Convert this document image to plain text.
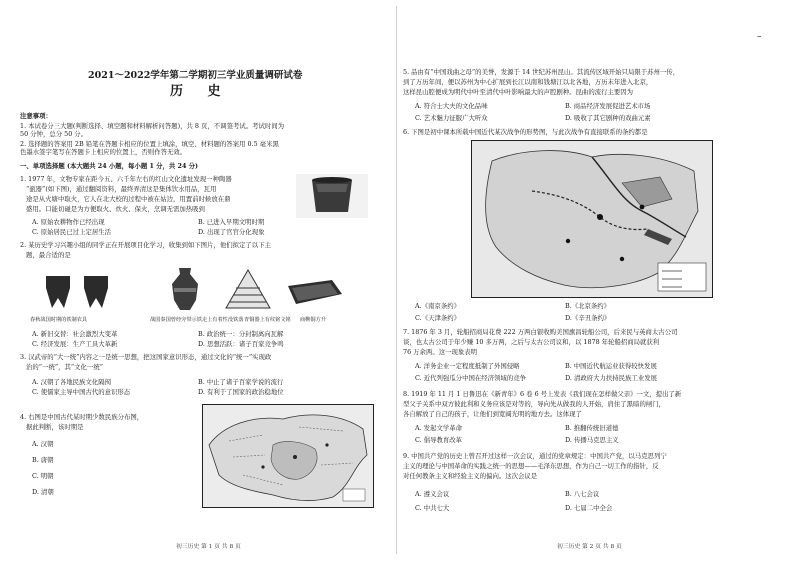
2021～2022学年第二学期初三学业质量调研试卷
历 史
注意事项：
1. 本试卷分三大题(判断选择、填空题和材料解析问答题)，共 8 页，不调签考试。考试时间为
50 分钟，总分 50 分。
2. 选择题的答案用 2B 铅笔在答题卡相应的位置上填涂，填空、材料题的答案用 0.5 毫米黑
色墨水签字笔写在答题卡上相应的位置上，否则作答无效。
一、单项选择题 (本大题共 24 小题，每小题 1 分，共 24 分)
1. 1977 年，文物专家在距今五、六千年左右的红山文化遗址发现一种陶器
“瓿器”(如下图)，通过翻阅资料，最终弄清这是集体饮水用品，瓦用
途是从火塘中取火，它人在北大校的过程中被在姑边，用置前时候放在鼎
盛用。口能切碰是为方便取火、炊火、保火，烹调无需加热吸到
A. 原始农耕物作已经出现	B. 已进入早期文明时期
C. 原始居民已过上定居生活	D. 出现了官官分化现象
2. 某历史学习兴趣小组的同学正在开展项目化学习，收集到如下图片，他们拟定了以下主
题，最合适的是
春秋战国时期的铁制农具	战国秦国曾经旁带示铁走上有着性没铁落 青铜器上有纹铭文铭 商鞅铜方升
A. 新旧交替：社会激烈大变革	B. 政治统一：分封制离向瓦解
C. 经济发展：生产工具大革新	D. 思想活跃：诸子百家竞争鸣
3. 汉武帝的“大一统”内容之一是统一思想，把这国家意识形态，通过文化的“统一”实现政
治的“一统”，其“文化一统”
A. 汉朝了各地民族文化隔阂	B. 中止了诸子百家学说的流行
C. 使儒家主导中国古代的意识形态	D. 有利于了国家的政治稳地位
4. 右图是中国古代某时期少数民族分布图，
据此判断，该时期是
A. 汉朝
B. 唐朝
C. 明朝
D. 清朝
初三历史 第 1 页 共 8 页
–
5. 品由有“中国戏曲之母”的美誉，发源于 14 世纪苏州昆山。其流传区域开始只局限于苏州一传，
到了万历年间，便以苏州为中心扩展到长江以南和钱塘江以北各地，万历末年进入北京，
这样昆山腔便成为明代中叶至清代中叶影响最大的声腔剧种。昆曲的流行主要因为
A. 符合士大夫的文化品味	B. 商品经济发展促进艺术市场
C. 艺术魅力征服广大听众	D. 吸收了其它剧种的戏曲元素
6. 下图是初中课本所载中国近代某次战争的形势图，与此次战争有直接联系的条约都是
A.《南京条约》	B.《北京条约》
C.《天津条约》	D.《辛丑条约》
7. 1876 年 3 月，轮船招商局花费 222 万两白银收购美国旗昌轮船公司，后来民与英商太古公司
谈，也太古公司于年少赚 10 多万两，之后与太古公司议和，以 1878 年轮船招商局就获利
76 万余两。这一现象表明
A. 洋务企业一定程度抵制了外国侵略	B. 中国近代航运业获得较快发展
C. 近代列强瓜分中国在经济领域的竞争	D. 清政府大力扶持民族工业发展
8. 1919 年 11 月 1 日鲁迅在《新青年》6 卷 6 号上发表《我们现在怎样做父亲》一文，提出了新
型父子关系中双方彼此利和义务应该是对等的，导向先从做我的人开始，肩住了黑暗的闸门，
各自解放了自己的孩子，让他们到宽阔光明的地方去。这体现了
A. 发起文学革命	B. 推翻传统旧道德
C. 倡导教育改革	D. 传播马克思主义
9. 中国共产党的历史上曾召开过这样一次会议，通过的党章规定：中国共产党，以马克思列宁
主义的理论与中国革命的实践之统一的思想——毛泽东思想，作为自己一切工作的指针，反
对任何教条主义和经验主义的偏向。这次会议是
A. 遵义会议	B. 八七会议
C. 中共七大	D. 七届二中全会
初三历史 第 2 页 共 8 页
